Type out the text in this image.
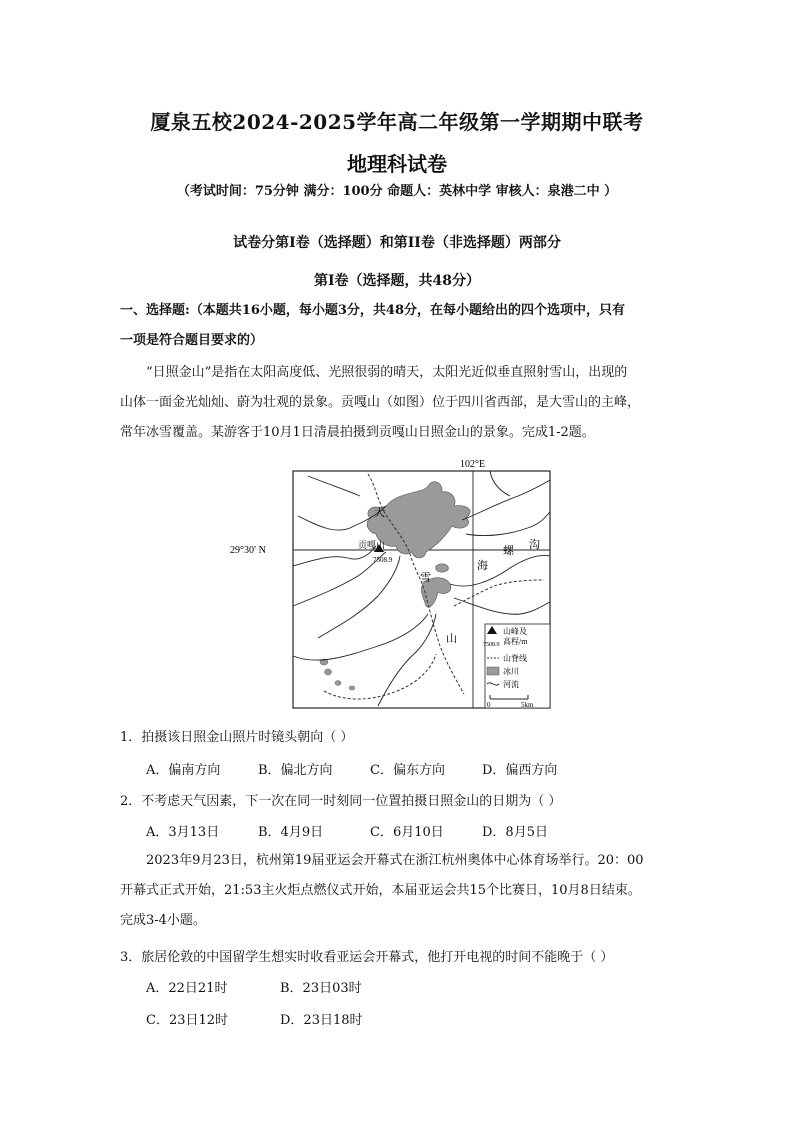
厦泉五校2024-2025学年高二年级第一学期期中联考
地理科试卷
（考试时间：75分钟 满分：100分 命题人：英林中学 审核人：泉港二中 ）
试卷分第Ⅰ卷（选择题）和第II卷（非选择题）两部分
第Ⅰ卷（选择题，共48分）
一、选择题:（本题共16小题，每小题3分，共48分，在每小题给出的四个选项中，只有
一项是符合题目要求的）
“日照金山”是指在太阳高度低、光照很弱的晴天，太阳光近似垂直照射雪山，出现的
山体一面金光灿灿、蔚为壮观的景象。贡嘎山（如图）位于四川省西部，是大雪山的主峰，
常年冰雪覆盖。某游客于10月1日清晨拍摄到贡嘎山日照金山的景象。完成1-2题。
贡嘎山
7508.9
大
雪
山
海
螺 沟
102°E
29°30′ N
山峰及
高程/m
7508.9
山脊线
冰川
河流
0	5km
1．拍摄该日照金山照片时镜头朝向（ ）
A．偏南方向	B．偏北方向	C．偏东方向	D．偏西方向
2．不考虑天气因素，下一次在同一时刻同一位置拍摄日照金山的日期为（ ）
A．3月13日	B．4月9日	C．6月10日	D．8月5日
2023年9月23日，杭州第19届亚运会开幕式在浙江杭州奥体中心体育场举行。20：00
开幕式正式开始，21:53主火炬点燃仪式开始，本届亚运会共15个比赛日，10月8日结束。
完成3-4小题。
3．旅居伦敦的中国留学生想实时收看亚运会开幕式，他打开电视的时间不能晚于（ ）
A．22日21时	B．23日03时
C．23日12时	D．23日18时
